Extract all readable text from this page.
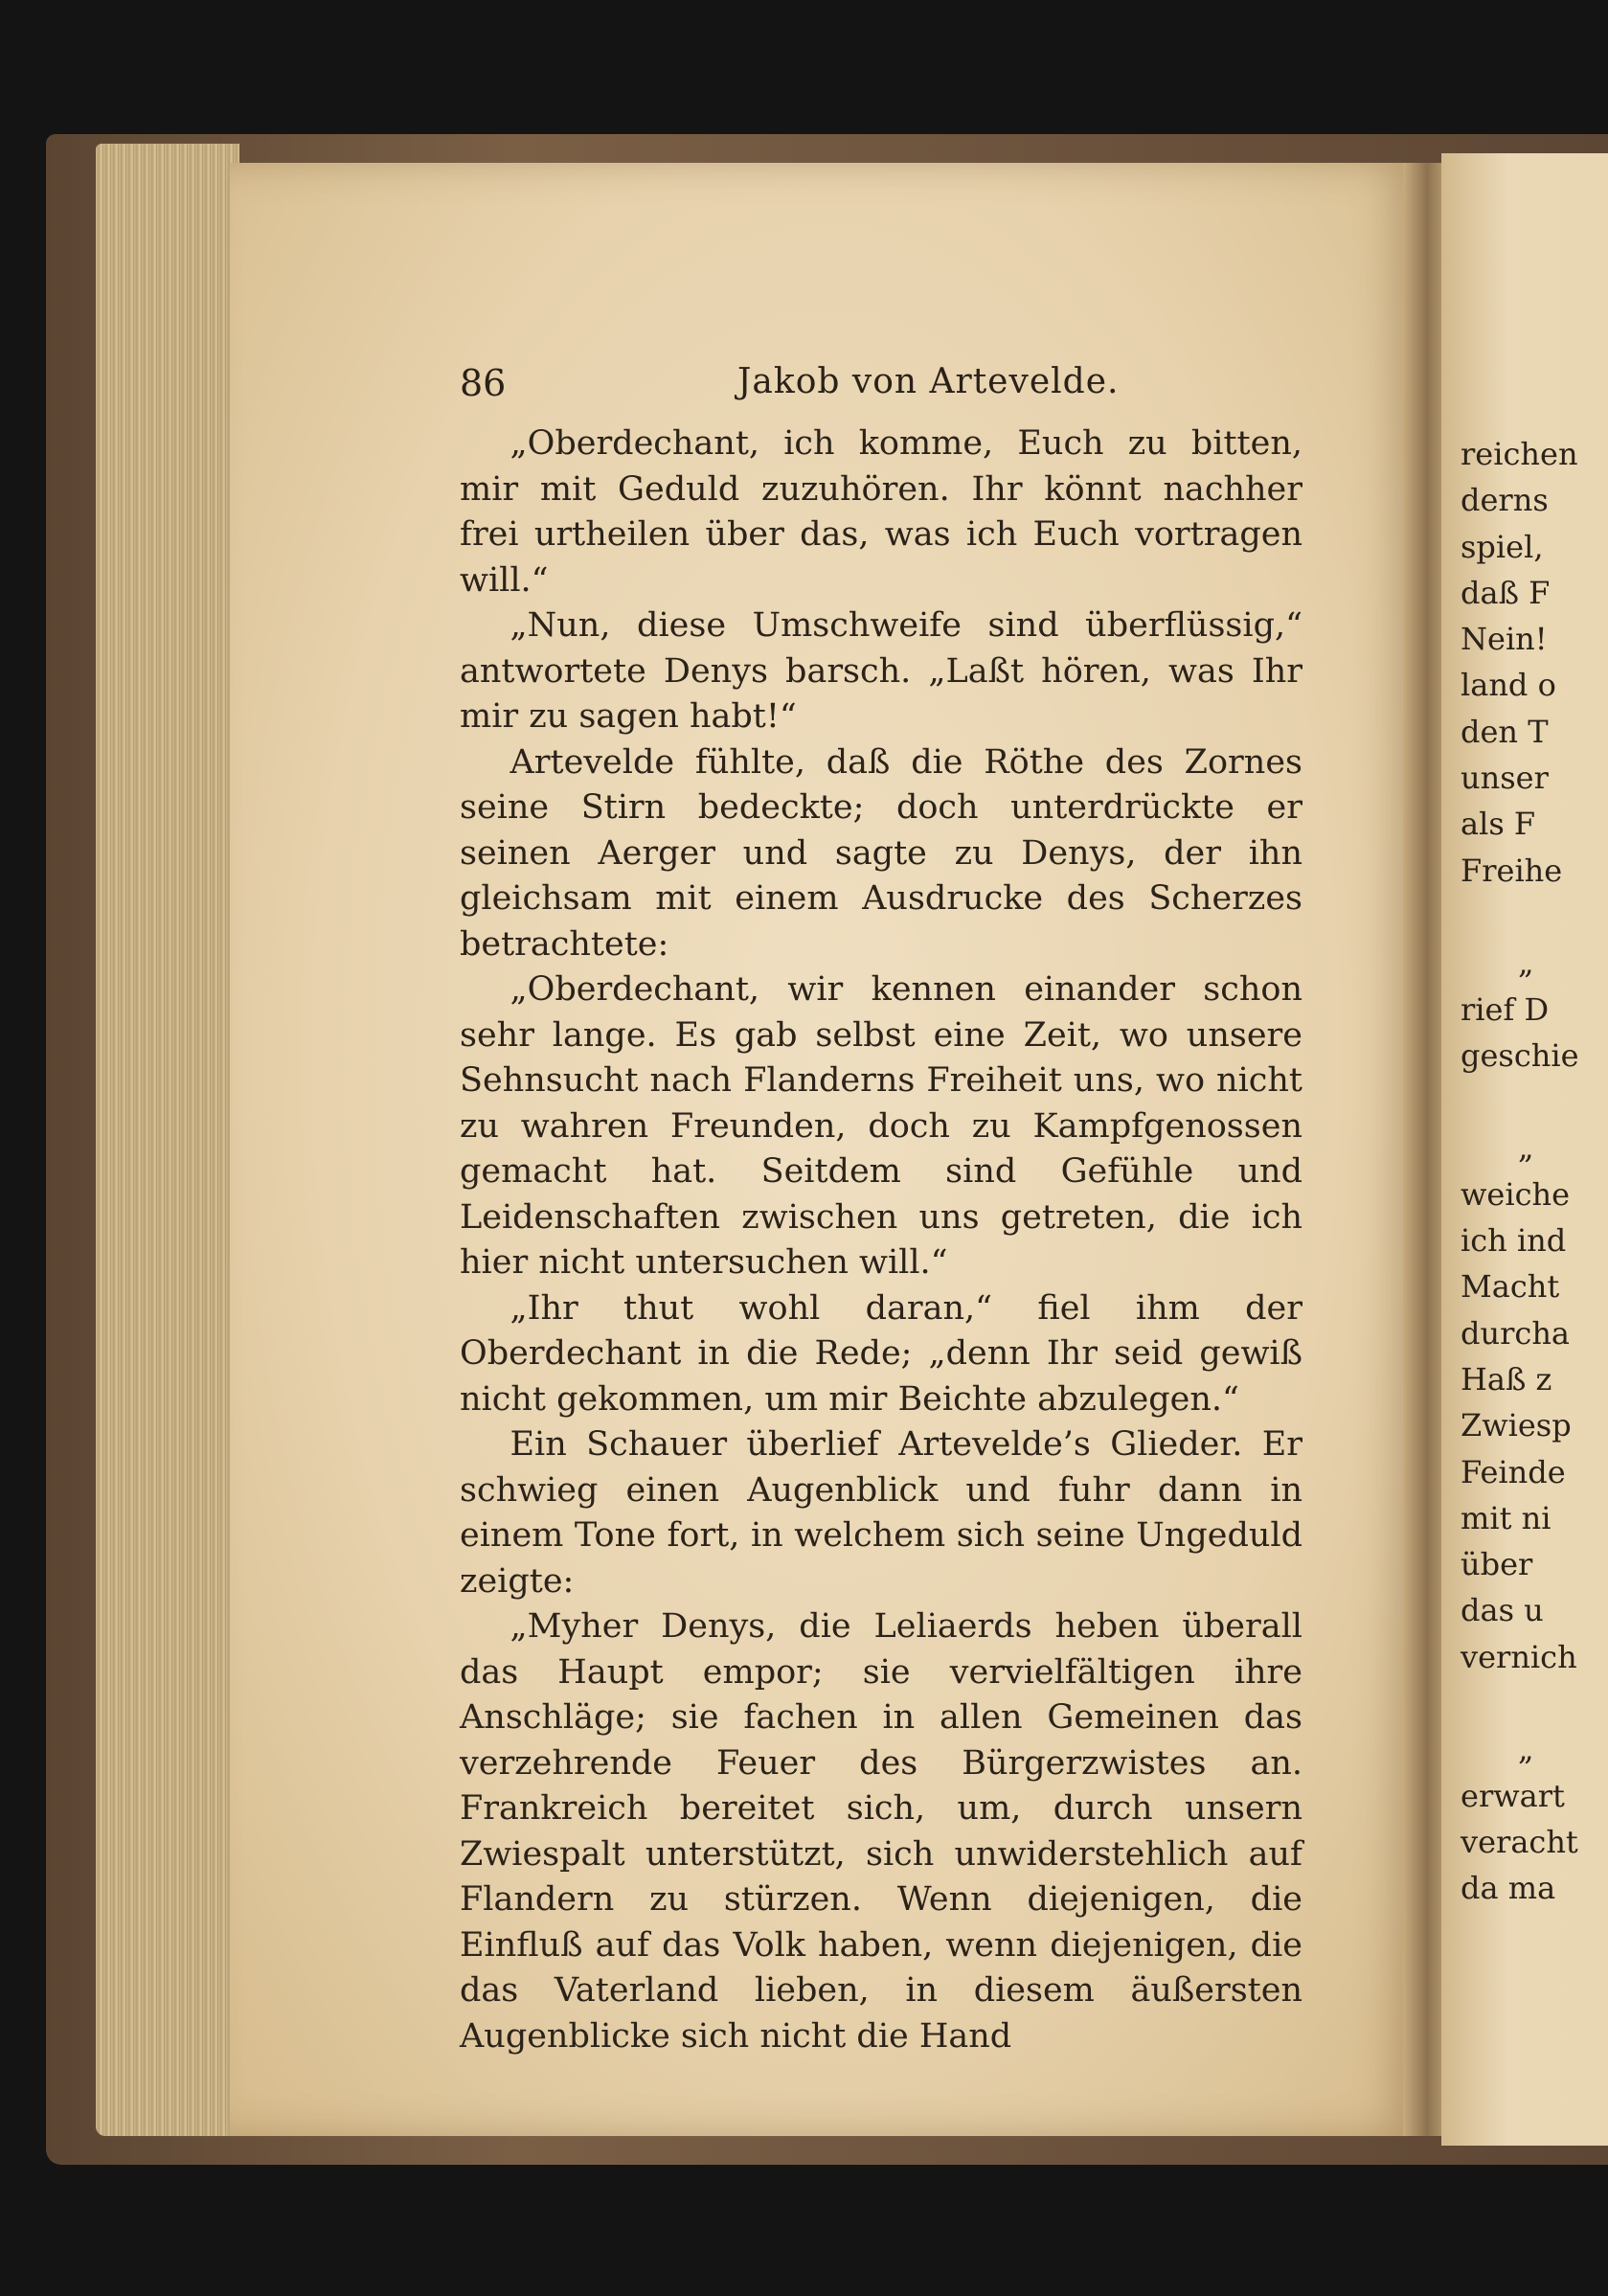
reichen
derns
spiel,
daß F
Nein!
land o
den T
unser
als F
Freihe
„
rief D
geschie
„
weiche
ich ind
Macht
durcha
Haß z
Zwiesp
Feinde
mit ni
über
das u
vernich
„
erwart
veracht
da ma
86	Jakob von Artevelde.

„Oberdechant, ich komme, Euch zu bitten, mir mit Geduld zuzuhören. Ihr könnt nachher frei urtheilen über das, was ich Euch vortragen will.“

„Nun, diese Umschweife sind überflüssig,“ antwortete Denys barsch. „Laßt hören, was Ihr mir zu sagen habt!“

Artevelde fühlte, daß die Röthe des Zornes seine Stirn bedeckte; doch unterdrückte er seinen Aerger und sagte zu Denys, der ihn gleichsam mit einem Ausdrucke des Scherzes betrachtete:

„Oberdechant, wir kennen einander schon sehr lange. Es gab selbst eine Zeit, wo unsere Sehnsucht nach Flanderns Freiheit uns, wo nicht zu wahren Freunden, doch zu Kampfgenossen gemacht hat. Seitdem sind Gefühle und Leidenschaften zwischen uns getreten, die ich hier nicht untersuchen will.“

„Ihr thut wohl daran,“ fiel ihm der Oberdechant in die Rede; „denn Ihr seid gewiß nicht gekommen, um mir Beichte abzulegen.“

Ein Schauer überlief Artevelde’s Glieder. Er schwieg einen Augenblick und fuhr dann in einem Tone fort, in welchem sich seine Ungeduld zeigte:

„Myher Denys, die Leliaerds heben überall das Haupt empor; sie vervielfältigen ihre Anschläge; sie fachen in allen Gemeinen das verzehrende Feuer des Bürgerzwistes an. Frankreich bereitet sich, um, durch unsern Zwiespalt unterstützt, sich unwiderstehlich auf Flandern zu stürzen. Wenn diejenigen, die Einfluß auf das Volk haben, wenn diejenigen, die das Vaterland lieben, in diesem äußersten Augenblicke sich nicht die Hand
